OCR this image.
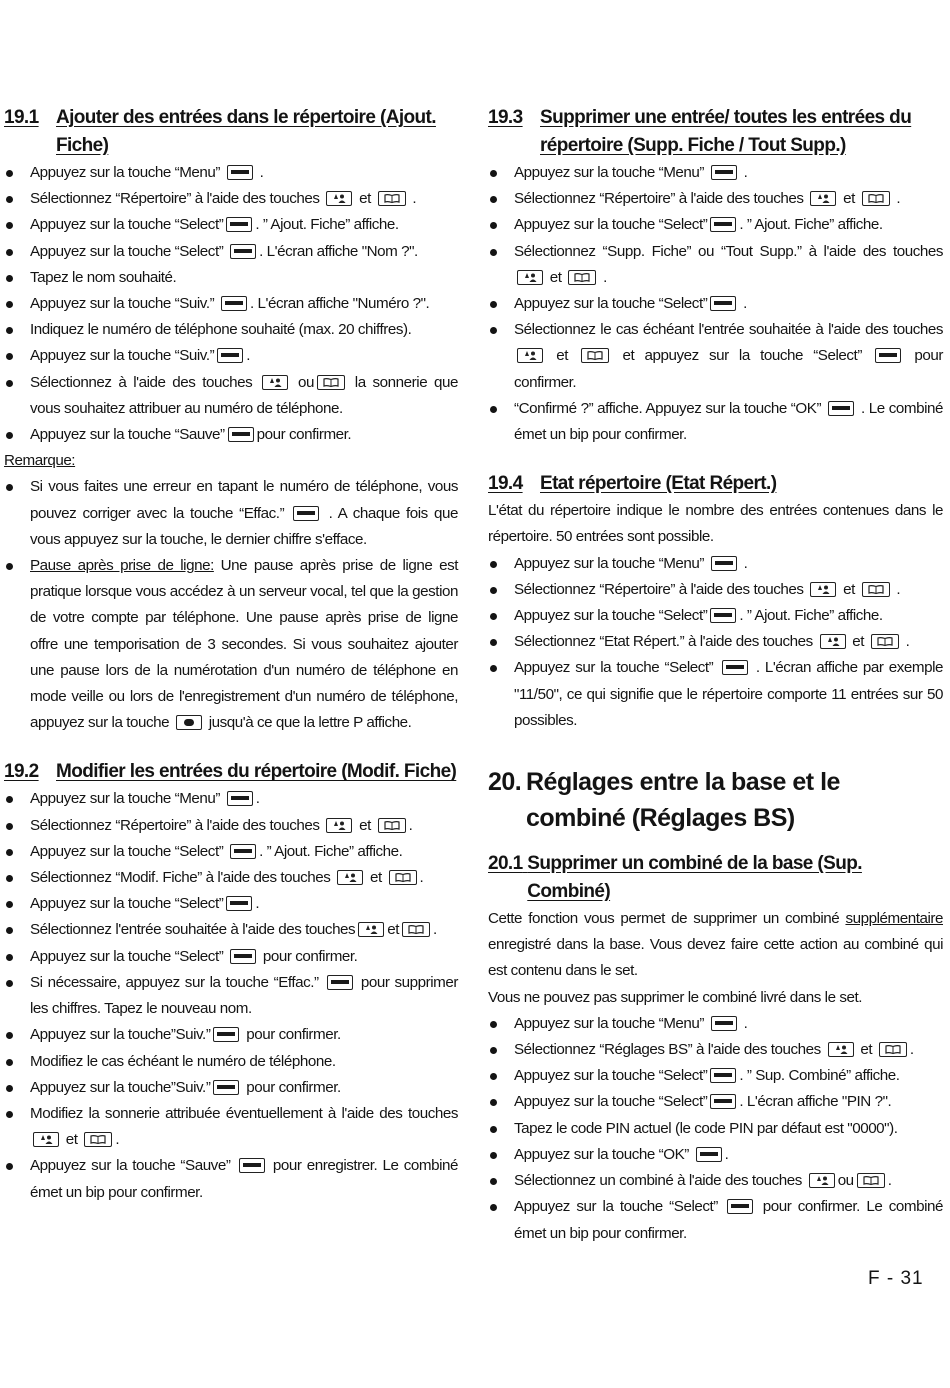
19.1 Ajouter des entrées dans le répertoire (Ajout. Fiche)
Appuyez sur la touche “Menu”	.
Sélectionnez “Répertoire” à l'aide des touches	et	.
Appuyez sur la touche “Select” . ” Ajout. Fiche” affiche.
Appuyez sur la touche “Select” . L'écran affiche "Nom ?".
Tapez le nom souhaité.
Appuyez sur la touche “Suiv.” . L'écran affiche "Numéro ?".
Indiquez le numéro de téléphone souhaité (max. 20 chiffres).
Appuyez sur la touche “Suiv.” .
Sélectionnez à l'aide des touches	ou	la sonnerie que vous souhaitez attribuer au numéro de téléphone.
Appuyez sur la touche “Sauve” pour confirmer.

Remarque:

Si vous faites une erreur en tapant le numéro de téléphone, vous pouvez corriger avec la touche “Effac.”	. A chaque fois que vous appuyez sur la touche, le dernier chiffre s'efface.
Pause après prise de ligne: Une pause après prise de ligne est pratique lorsque vous accédez à un serveur vocal, tel que la gestion de votre compte par téléphone. Une pause après prise de ligne offre une temporisation de 3 secondes. Si vous souhaitez ajouter une pause lors de la numérotation d'un numéro de téléphone en mode veille ou lors de l'enregistrement d'un numéro de téléphone, appuyez sur la touche	jusqu'à ce que la lettre P affiche.
19.2 Modifier les entrées du répertoire (Modif. Fiche)
Appuyez sur la touche “Menu” .
Sélectionnez “Répertoire” à l'aide des touches	et .
Appuyez sur la touche “Select” . ” Ajout. Fiche” affiche.
Sélectionnez “Modif. Fiche” à l'aide des touches	et .
Appuyez sur la touche “Select” .
Sélectionnez l'entrée souhaitée à l'aide des touches et .
Appuyez sur la touche “Select”	pour confirmer.
Si nécessaire, appuyez sur la touche “Effac.”	pour supprimer les chiffres. Tapez le nouveau nom.
Appuyez sur la touche”Suiv.” pour confirmer.
Modifiez le cas échéant le numéro de téléphone.
Appuyez sur la touche”Suiv.” pour confirmer.
Modifiez la sonnerie attribuée éventuellement à l'aide des touches
et .
Appuyez sur la touche “Sauve”	pour enregistrer. Le combiné émet un bip pour confirmer.
19.3 Supprimer une entrée/ toutes les entrées du répertoire (Supp. Fiche / Tout Supp.)
Appuyez sur la touche “Menu”	.
Sélectionnez “Répertoire” à l'aide des touches	et	.
Appuyez sur la touche “Select” . ” Ajout. Fiche” affiche.
Sélectionnez “Supp. Fiche” ou “Tout Supp.” à l'aide des touches
et	.
Appuyez sur la touche “Select” .
Sélectionnez le cas échéant l'entrée souhaitée à l'aide des touches
et	et appuyez sur la touche “Select”	pour confirmer.
“Confirmé ?” affiche. Appuyez sur la touche “OK”	. Le combiné émet un bip pour confirmer.
19.4 Etat répertoire (Etat Répert.)

L'état du répertoire indique le nombre des entrées contenues dans le répertoire. 50 entrées sont possible.

Appuyez sur la touche “Menu”	.
Sélectionnez “Répertoire” à l'aide des touches	et	.
Appuyez sur la touche “Select” . ” Ajout. Fiche” affiche.
Sélectionnez “Etat Répert.” à l'aide des touches	et	.
Appuyez sur la touche “Select”	. L'écran affiche par exemple "11/50", ce qui signifie que le répertoire comporte 11 entrées sur 50 possibles.
20. Réglages entre la base et le combiné (Réglages BS)
20.1
Supprimer un combiné de la base (Sup. Combiné)

Cette fonction vous permet de supprimer un combiné supplémentaire enregistré dans la base. Vous devez faire cette action au combiné qui est contenu dans le set.

Vous ne pouvez pas supprimer le combiné livré dans le set.

Appuyez sur la touche “Menu”	.
Sélectionnez “Réglages BS” à l'aide des touches	et .
Appuyez sur la touche “Select” . ” Sup. Combiné” affiche.
Appuyez sur la touche “Select” . L'écran affiche "PIN ?".
Tapez le code PIN actuel (le code PIN par défaut est "0000").
Appuyez sur la touche “OK” .
Sélectionnez un combiné à l'aide des touches ou .
Appuyez sur la touche “Select”	pour confirmer. Le combiné émet un bip pour confirmer.
F - 31
